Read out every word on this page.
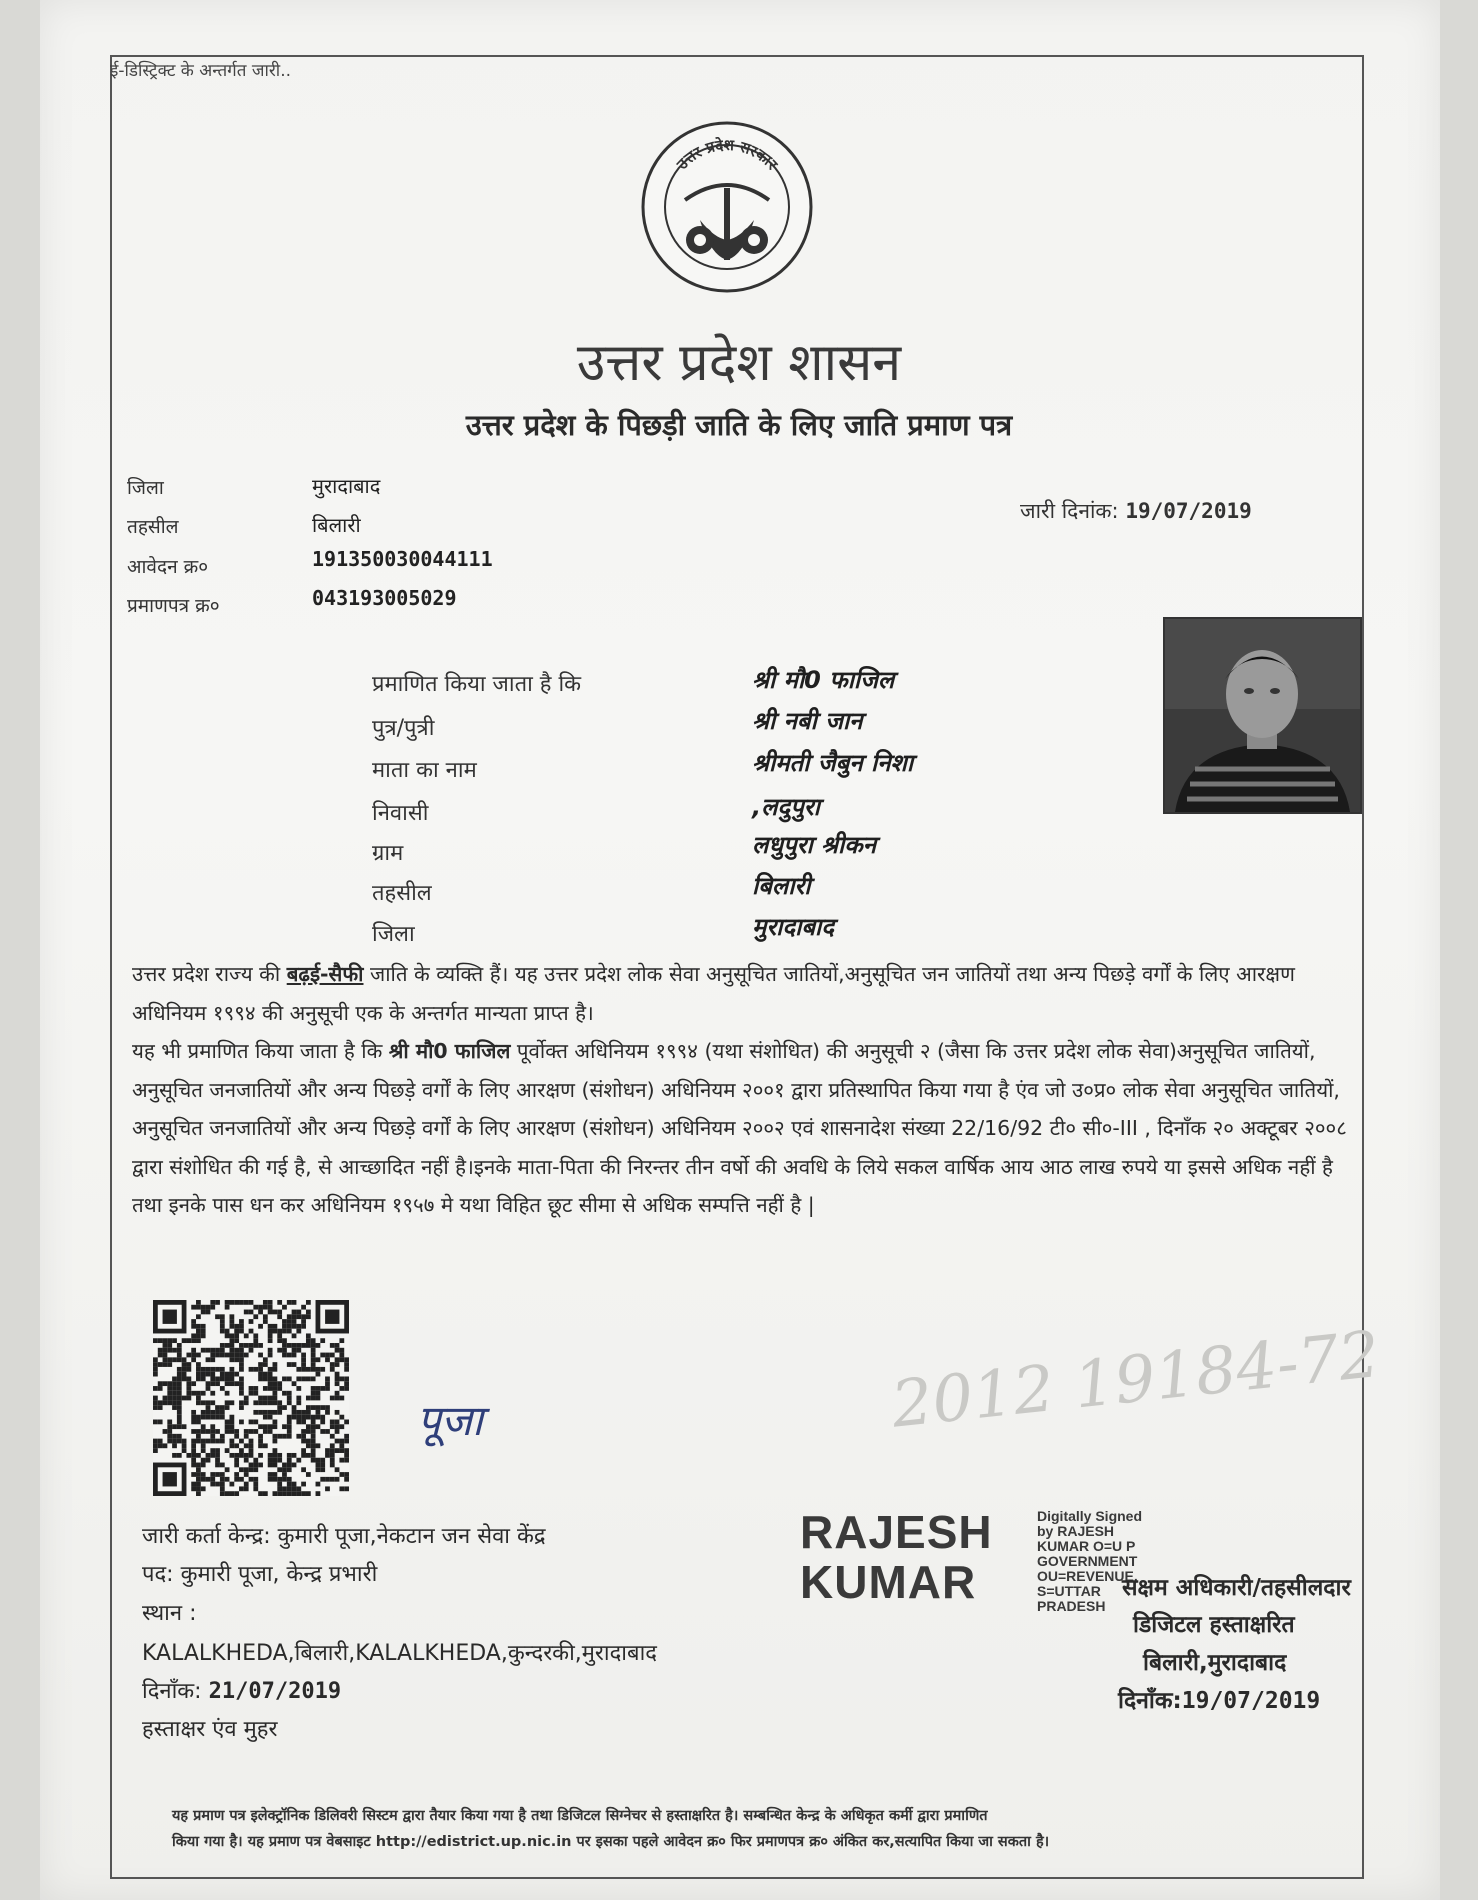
ई-डिस्ट्रिक्ट के अन्तर्गत जारी..
उत्तर प्रदेश सरकार
उत्तर प्रदेश शासन
उत्तर प्रदेश के पिछड़ी जाति के लिए जाति प्रमाण पत्र
जिला	मुरादाबाद
तहसील	बिलारी
आवेदन क्र०	191350030044111
प्रमाणपत्र क्र०	043193005029
जारी दिनांक: 19/07/2019
प्रमाणित किया जाता है कि	श्री मौ0 फाजिल
पुत्र/पुत्री	श्री नबी जान
माता का नाम	श्रीमती जैबुन निशा
निवासी	,लदुपुरा
ग्राम	लधुपुरा श्रीकन
तहसील	बिलारी
जिला	मुरादाबाद

उत्तर प्रदेश राज्य की बढ़ई-सैफी जाति के व्यक्ति हैं। यह उत्तर प्रदेश लोक सेवा अनुसूचित जातियों,अनुसूचित जन जातियों तथा अन्य पिछड़े वर्गों के लिए आरक्षण अधिनियम १९९४ की अनुसूची एक के अन्तर्गत मान्यता प्राप्त है।

यह भी प्रमाणित किया जाता है कि श्री मौ0 फाजिल पूर्वोक्त अधिनियम १९९४ (यथा संशोधित) की अनुसूची २ (जैसा कि उत्तर प्रदेश लोक सेवा)अनुसूचित जातियों, अनुसूचित जनजातियों और अन्य पिछड़े वर्गों के लिए आरक्षण (संशोधन) अधिनियम २००१ द्वारा प्रतिस्थापित किया गया है एंव जो उ०प्र० लोक सेवा अनुसूचित जातियों, अनुसूचित जनजातियों और अन्य पिछड़े वर्गों के लिए आरक्षण (संशोधन) अधिनियम २००२ एवं शासनादेश संख्या 22/16/92 टी० सी०-III , दिनाँक २० अक्टूबर २००८ द्वारा संशोधित की गई है, से आच्छादित नहीं है।इनके माता-पिता की निरन्तर तीन वर्षो की अवधि के लिये सकल वार्षिक आय आठ लाख रुपये या इससे अधिक नहीं है तथा इनके पास धन कर अधिनियम १९५७ मे यथा विहित छूट सीमा से अधिक सम्पत्ति नहीं है |

2012 19184-72
पूजा
जारी कर्ता केन्द्र: कुमारी पूजा,नेकटान जन सेवा केंद्र
पद: कुमारी पूजा, केन्द्र प्रभारी
स्थान :
KALALKHEDA,बिलारी,KALALKHEDA,कुन्दरकी,मुरादाबाद
दिनाँक: 21/07/2019
हस्ताक्षर एंव मुहर
RAJESH
KUMAR
Digitally Signed
by RAJESH
KUMAR O=U P
GOVERNMENT
OU=REVENUE,
S=UTTAR
PRADESH
सक्षम अधिकारी/तहसीलदार
डिजिटल हस्ताक्षरित
बिलारी,मुरादाबाद
दिनाँक:19/07/2019
यह प्रमाण पत्र इलेक्ट्रॉनिक डिलिवरी सिस्टम द्वारा तैयार किया गया है तथा डिजिटल सिग्नेचर से हस्ताक्षरित है। सम्बन्धित केन्द्र के अधिकृत कर्मी द्वारा प्रमाणित
किया गया है। यह प्रमाण पत्र वेबसाइट http://edistrict.up.nic.in पर इसका पहले आवेदन क्र० फिर प्रमाणपत्र क्र० अंकित कर,सत्यापित किया जा सकता है।
